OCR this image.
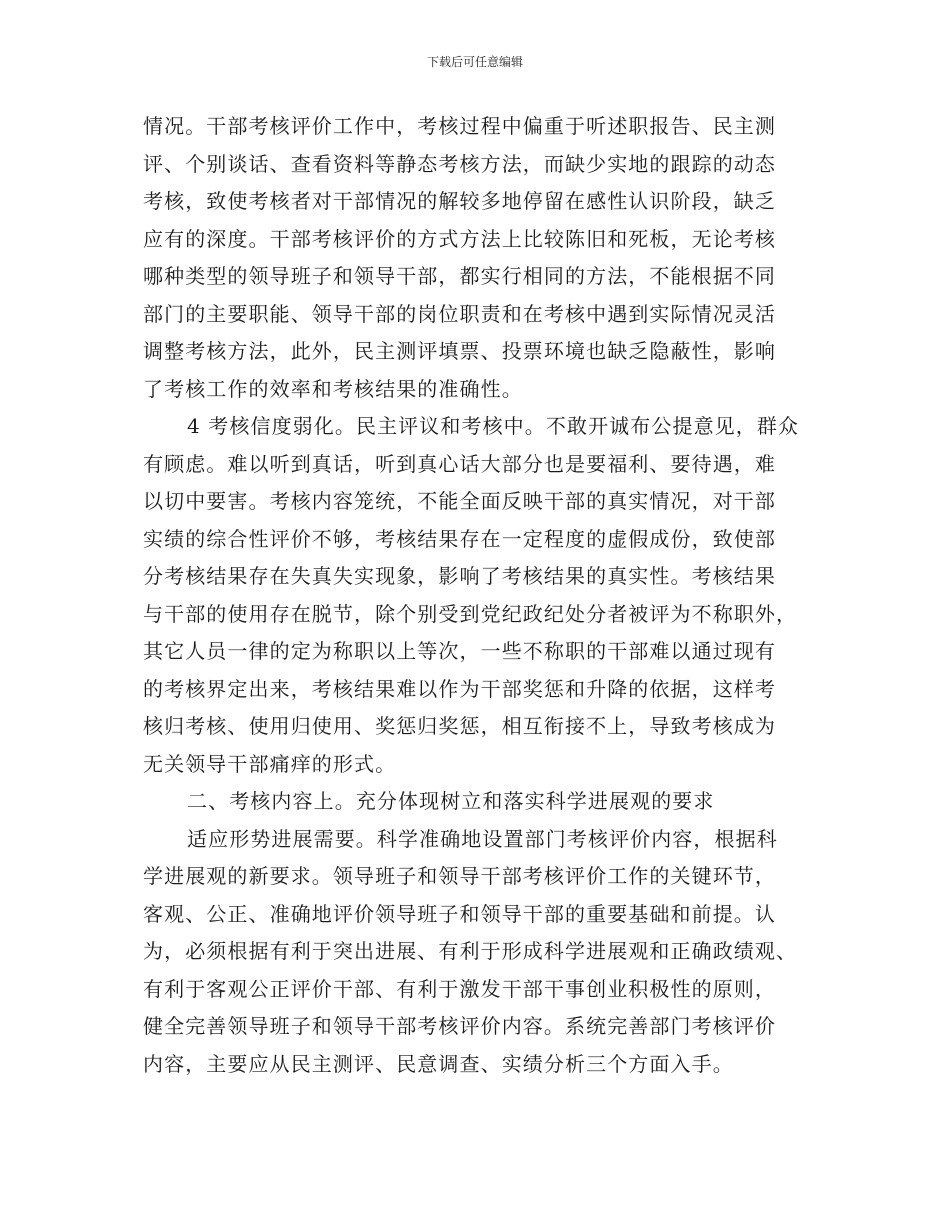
下载后可任意编辑
情况。干部考核评价工作中，考核过程中偏重于听述职报告、民主测
评、个别谈话、查看资料等静态考核方法，而缺少实地的跟踪的动态
考核，致使考核者对干部情况的解较多地停留在感性认识阶段，缺乏
应有的深度。干部考核评价的方式方法上比较陈旧和死板，无论考核
哪种类型的领导班子和领导干部，都实行相同的方法，不能根据不同
部门的主要职能、领导干部的岗位职责和在考核中遇到实际情况灵活
调整考核方法，此外，民主测评填票、投票环境也缺乏隐蔽性，影响
了考核工作的效率和考核结果的准确性。
4 考核信度弱化。民主评议和考核中。不敢开诚布公提意见，群众
有顾虑。难以听到真话，听到真心话大部分也是要福利、要待遇，难
以切中要害。考核内容笼统，不能全面反映干部的真实情况，对干部
实绩的综合性评价不够，考核结果存在一定程度的虚假成份，致使部
分考核结果存在失真失实现象，影响了考核结果的真实性。考核结果
与干部的使用存在脱节，除个别受到党纪政纪处分者被评为不称职外，
其它人员一律的定为称职以上等次，一些不称职的干部难以通过现有
的考核界定出来，考核结果难以作为干部奖惩和升降的依据，这样考
核归考核、使用归使用、奖惩归奖惩，相互衔接不上，导致考核成为
无关领导干部痛痒的形式。
二、考核内容上。充分体现树立和落实科学进展观的要求
适应形势进展需要。科学准确地设置部门考核评价内容，根据科
学进展观的新要求。领导班子和领导干部考核评价工作的关键环节，
客观、公正、准确地评价领导班子和领导干部的重要基础和前提。认
为，必须根据有利于突出进展、有利于形成科学进展观和正确政绩观、
有利于客观公正评价干部、有利于激发干部干事创业积极性的原则，
健全完善领导班子和领导干部考核评价内容。系统完善部门考核评价
内容，主要应从民主测评、民意调查、实绩分析三个方面入手。
